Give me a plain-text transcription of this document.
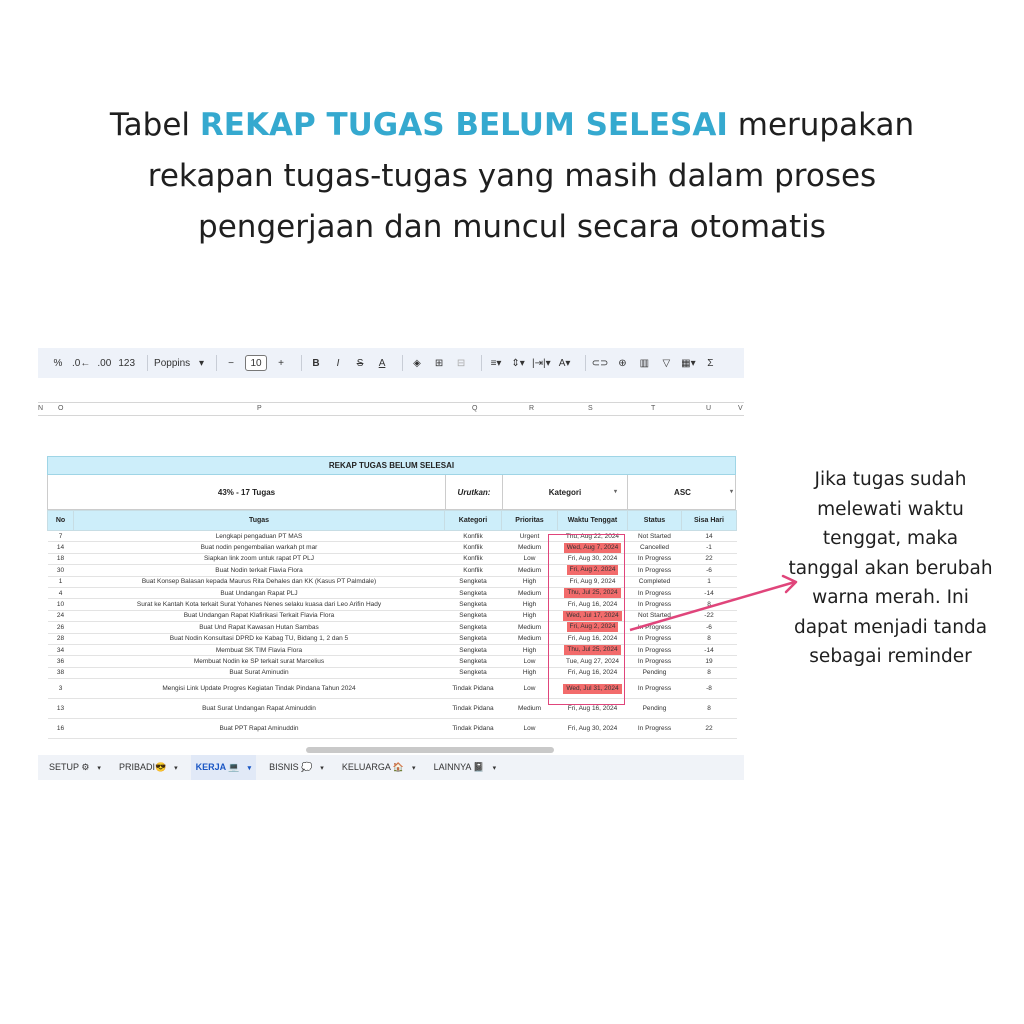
Tabel REKAP TUGAS BELUM SELESAI merupakan rekapan tugas-tugas yang masih dalam proses pengerjaan dan muncul secara otomatis
% .0← .00 123 Poppins ▾	−	10	+	B	I	S	A	◈	⊞	⊟	≡▾ ⇕▾ |⇥|▾ A▾ ⊂⊃ ⊕	▥	▽	▦▾	Σ
N O	P	Q	R	S	T	U	V
REKAP TUGAS BELUM SELESAI
43% - 17 Tugas	Urutkan:	Kategori	▾	ASC	▾
No	Tugas	Kategori	Prioritas	Waktu Tenggat	Status	Sisa Hari
7	Lengkapi pengaduan PT MAS	Konflik	Urgent	Thu, Aug 22, 2024	Not Started	14
14	Buat nodin pengembalian warkah pt mar	Konflik	Medium	Wed, Aug 7, 2024	Cancelled	-1
18	Siapkan link zoom untuk rapat PT PLJ	Konflik	Low	Fri, Aug 30, 2024	In Progress	22
30	Buat Nodin terkait Flavia Flora	Konflik	Medium	Fri, Aug 2, 2024	In Progress	-6
1	Buat Konsep Balasan kepada Maurus Rita Dehales dan KK (Kasus PT Palmdale)	Sengketa	High	Fri, Aug 9, 2024	Completed	1
4	Buat Undangan Rapat PLJ	Sengketa	Medium	Thu, Jul 25, 2024	In Progress	-14
10	Surat ke Kantah Kota terkait Surat Yohanes Nenes selaku kuasa dari Leo Arifin Hady	Sengketa	High	Fri, Aug 16, 2024	In Progress	8
24	Buat Undangan Rapat Klafirikasi Terkait Flavia Flora	Sengketa	High	Wed, Jul 17, 2024	Not Started	-22
26	Buat Und Rapat Kawasan Hutan Sambas	Sengketa	Medium	Fri, Aug 2, 2024	In Progress	-6
28	Buat Nodin Konsultasi DPRD ke Kabag TU, Bidang 1, 2 dan 5	Sengketa	Medium	Fri, Aug 16, 2024	In Progress	8
34	Membuat SK TIM Flavia Flora	Sengketa	High	Thu, Jul 25, 2024	In Progress	-14
36	Membuat Nodin ke SP terkait surat Marcelius	Sengketa	Low	Tue, Aug 27, 2024	In Progress	19
38	Buat Surat Aminudin	Sengketa	High	Fri, Aug 16, 2024	Pending	8
3	Mengisi Link Update Progres Kegiatan Tindak Pindana Tahun 2024	Tindak Pidana	Low	Wed, Jul 31, 2024	In Progress	-8
13	Buat Surat Undangan Rapat Aminuddin	Tindak Pidana	Medium	Fri, Aug 16, 2024	Pending	8
16	Buat PPT Rapat Aminuddin	Tindak Pidana	Low	Fri, Aug 30, 2024	In Progress	22
SETUP ⚙ ▾ PRIBADI😎 ▾ KERJA 💻 ▾ BISNIS 💭 ▾ KELUARGA 🏠 ▾ LAINNYA 📓 ▾
Jika tugas sudah melewati waktu tenggat, maka tanggal akan berubah warna merah. Ini dapat menjadi tanda sebagai reminder
